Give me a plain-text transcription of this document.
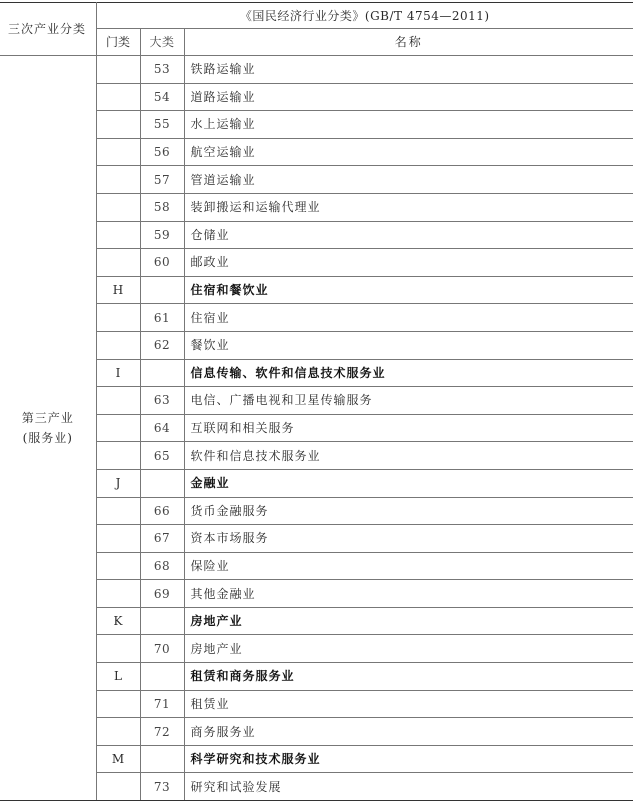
三次产业分类	《国民经济行业分类》(GB/T 4754—2011)		
	门类	大类	名称

第三产业
(服务业)		53	铁路运输业
		54	道路运输业
		55	水上运输业
		56	航空运输业
		57	管道运输业
		58	装卸搬运和运输代理业
		59	仓储业
		60	邮政业
	H		住宿和餐饮业
		61	住宿业
		62	餐饮业
	I		信息传输、软件和信息技术服务业
		63	电信、广播电视和卫星传输服务
		64	互联网和相关服务
		65	软件和信息技术服务业
	J		金融业
		66	货币金融服务
		67	资本市场服务
		68	保险业
		69	其他金融业
	K		房地产业
		70	房地产业
	L		租赁和商务服务业
		71	租赁业
		72	商务服务业
	M		科学研究和技术服务业
		73	研究和试验发展
